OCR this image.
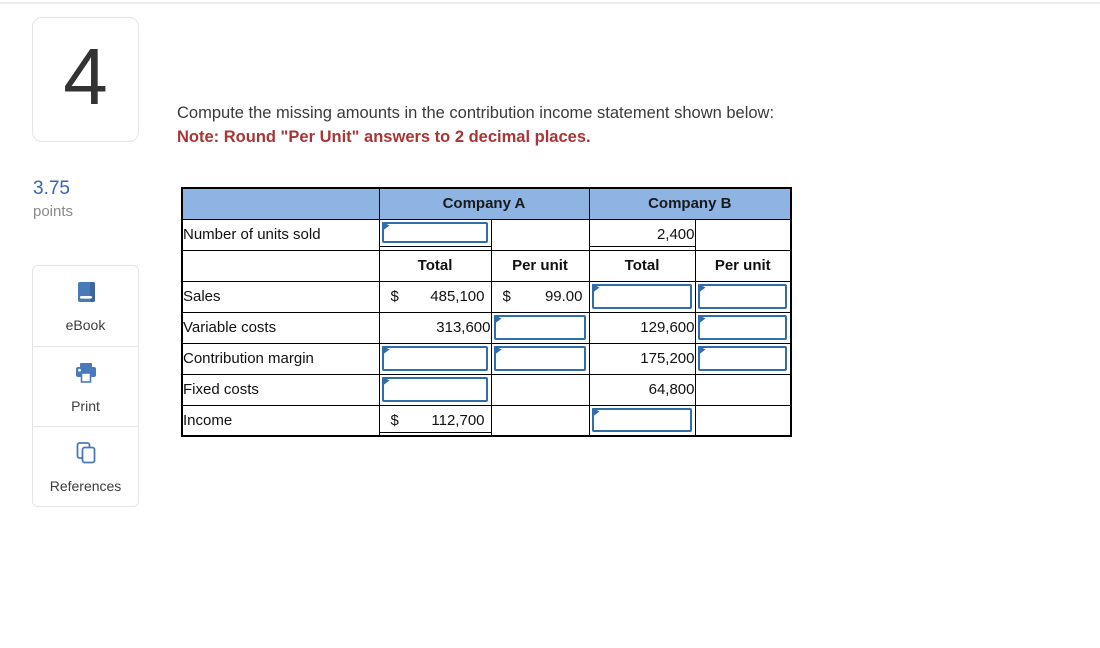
4
3.75
points
eBook
Print
References
Compute the missing amounts in the contribution income statement shown below:
Note: Round "Per Unit" answers to 2 decimal places.
	Company A		Company B	
Number of units sold			2,400	
	Total	Per unit	Total	Per unit
Sales	$ 485,100	$ 99.00		

Variable costs	313,600		129,600	

Contribution margin			175,200	

Fixed costs			64,800	
Income	$ 112,700			
